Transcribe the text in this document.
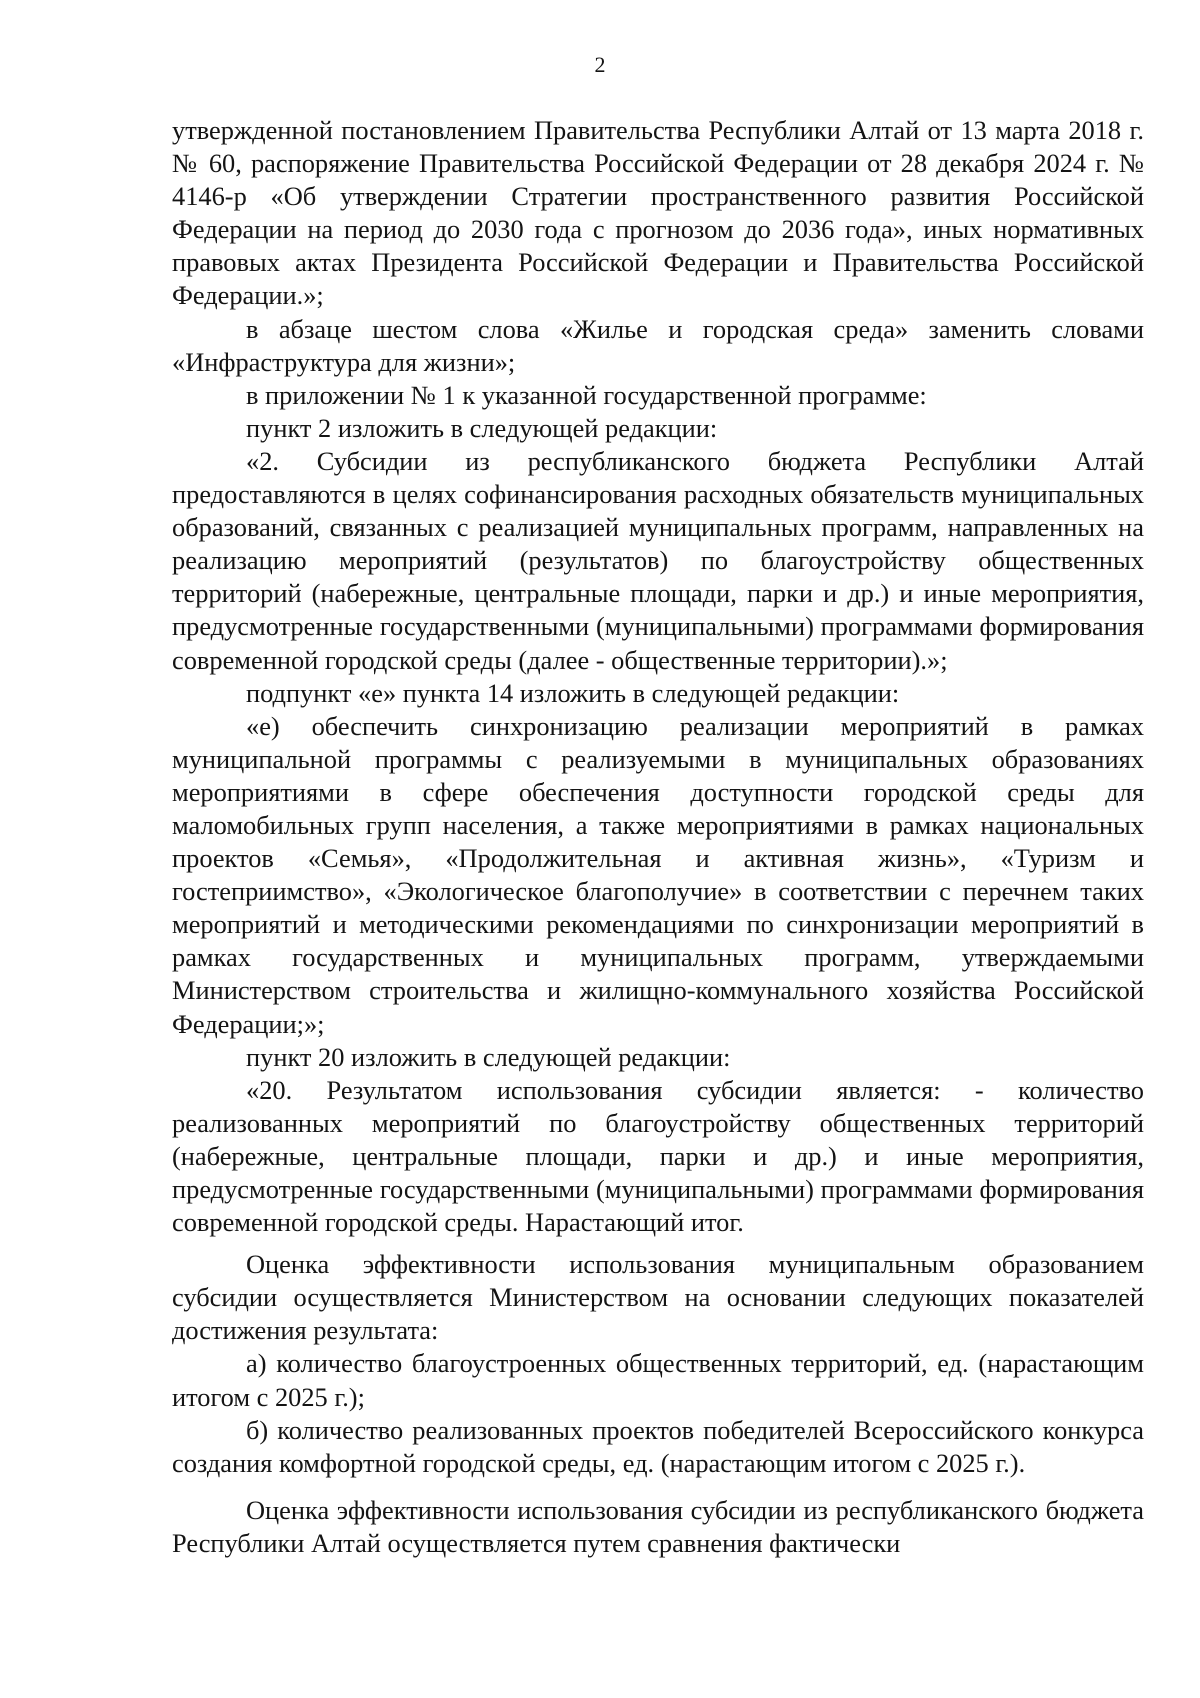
2

утвержденной постановлением Правительства Республики Алтай от 13 марта 2018 г. № 60, распоряжение Правительства Российской Федерации от 28 декабря 2024 г. № 4146-р «Об утверждении Стратегии пространственного развития Российской Федерации на период до 2030 года с прогнозом до 2036 года», иных нормативных правовых актах Президента Российской Федерации и Правительства Российской Федерации.»;

в абзаце шестом слова «Жилье и городская среда» заменить словами «Инфраструктура для жизни»;

в приложении № 1 к указанной государственной программе:

пункт 2 изложить в следующей редакции:

«2. Субсидии из республиканского бюджета Республики Алтай предоставляются в целях софинансирования расходных обязательств муниципальных образований, связанных с реализацией муниципальных программ, направленных на реализацию мероприятий (результатов) по благоустройству общественных территорий (набережные, центральные площади, парки и др.) и иные мероприятия, предусмотренные государственными (муниципальными) программами формирования современной городской среды (далее - общественные территории).»;

подпункт «е» пункта 14 изложить в следующей редакции:

«е) обеспечить синхронизацию реализации мероприятий в рамках муниципальной программы с реализуемыми в муниципальных образованиях мероприятиями в сфере обеспечения доступности городской среды для маломобильных групп населения, а также мероприятиями в рамках национальных проектов «Семья», «Продолжительная и активная жизнь», «Туризм и гостеприимство», «Экологическое благополучие» в соответствии с перечнем таких мероприятий и методическими рекомендациями по синхронизации мероприятий в рамках государственных и муниципальных программ, утверждаемыми Министерством строительства и жилищно-коммунального хозяйства Российской Федерации;»;

пункт 20 изложить в следующей редакции:

«20. Результатом использования субсидии является: - количество реализованных мероприятий по благоустройству общественных территорий (набережные, центральные площади, парки и др.) и иные мероприятия, предусмотренные государственными (муниципальными) программами формирования современной городской среды. Нарастающий итог.

Оценка эффективности использования муниципальным образованием субсидии осуществляется Министерством на основании следующих показателей достижения результата:

а) количество благоустроенных общественных территорий, ед. (нарастающим итогом с 2025 г.);

б) количество реализованных проектов победителей Всероссийского конкурса создания комфортной городской среды, ед. (нарастающим итогом с 2025 г.).

Оценка эффективности использования субсидии из республиканского бюджета Республики Алтай осуществляется путем сравнения фактически
